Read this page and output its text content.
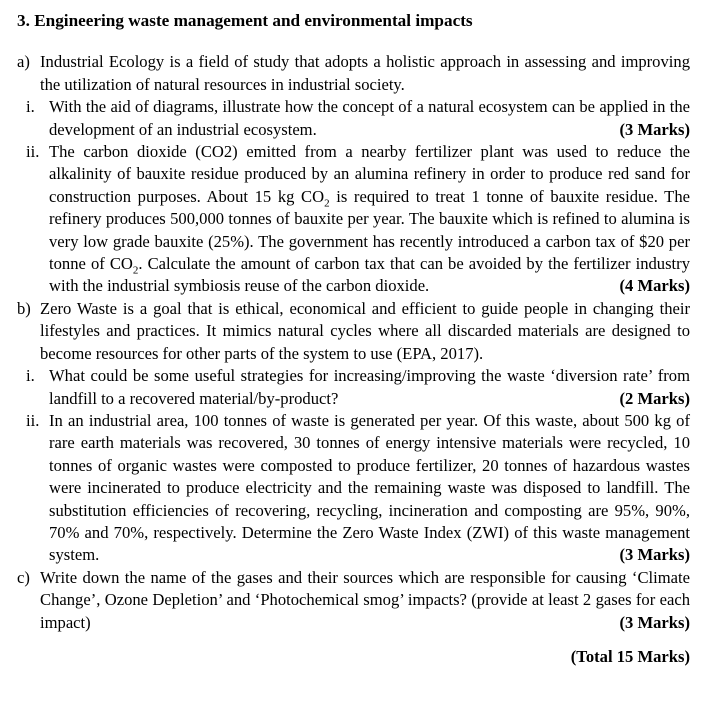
3. Engineering waste management and environmental impacts
a) Industrial Ecology is a field of study that adopts a holistic approach in assessing and improving the utilization of natural resources in industrial society.
i. With the aid of diagrams, illustrate how the concept of a natural ecosystem can be applied in the development of an industrial ecosystem.	(3 Marks)
ii. The carbon dioxide (CO2) emitted from a nearby fertilizer plant was used to reduce the alkalinity of bauxite residue produced by an alumina refinery in order to produce red sand for construction purposes. About 15 kg $CO_2$ is required to treat 1 tonne of bauxite residue. The refinery produces 500,000 tonnes of bauxite per year. The bauxite which is refined to alumina is very low grade bauxite (25%). The government has recently introduced a carbon tax of $20 per tonne of $CO_2$. Calculate the amount of carbon tax that can be avoided by the fertilizer industry with the industrial symbiosis reuse of the carbon dioxide.	(4 Marks)
b) Zero Waste is a goal that is ethical, economical and efficient to guide people in changing their lifestyles and practices. It mimics natural cycles where all discarded materials are designed to become resources for other parts of the system to use (EPA, 2017).
i. What could be some useful strategies for increasing/improving the waste ‘diversion rate’ from landfill to a recovered material/by-product?	(2 Marks)
ii. In an industrial area, 100 tonnes of waste is generated per year. Of this waste, about 500 kg of rare earth materials was recovered, 30 tonnes of energy intensive materials were recycled, 10 tonnes of organic wastes were composted to produce fertilizer, 20 tonnes of hazardous wastes were incinerated to produce electricity and the remaining waste was disposed to landfill. The substitution efficiencies of recovering, recycling, incineration and composting are 95%, 90%, 70% and 70%, respectively. Determine the Zero Waste Index (ZWI) of this waste management system.	(3 Marks)
c) Write down the name of the gases and their sources which are responsible for causing ‘Climate Change’, Ozone Depletion’ and ‘Photochemical smog’ impacts? (provide at least 2 gases for each impact)	(3 Marks)
(Total 15 Marks)
